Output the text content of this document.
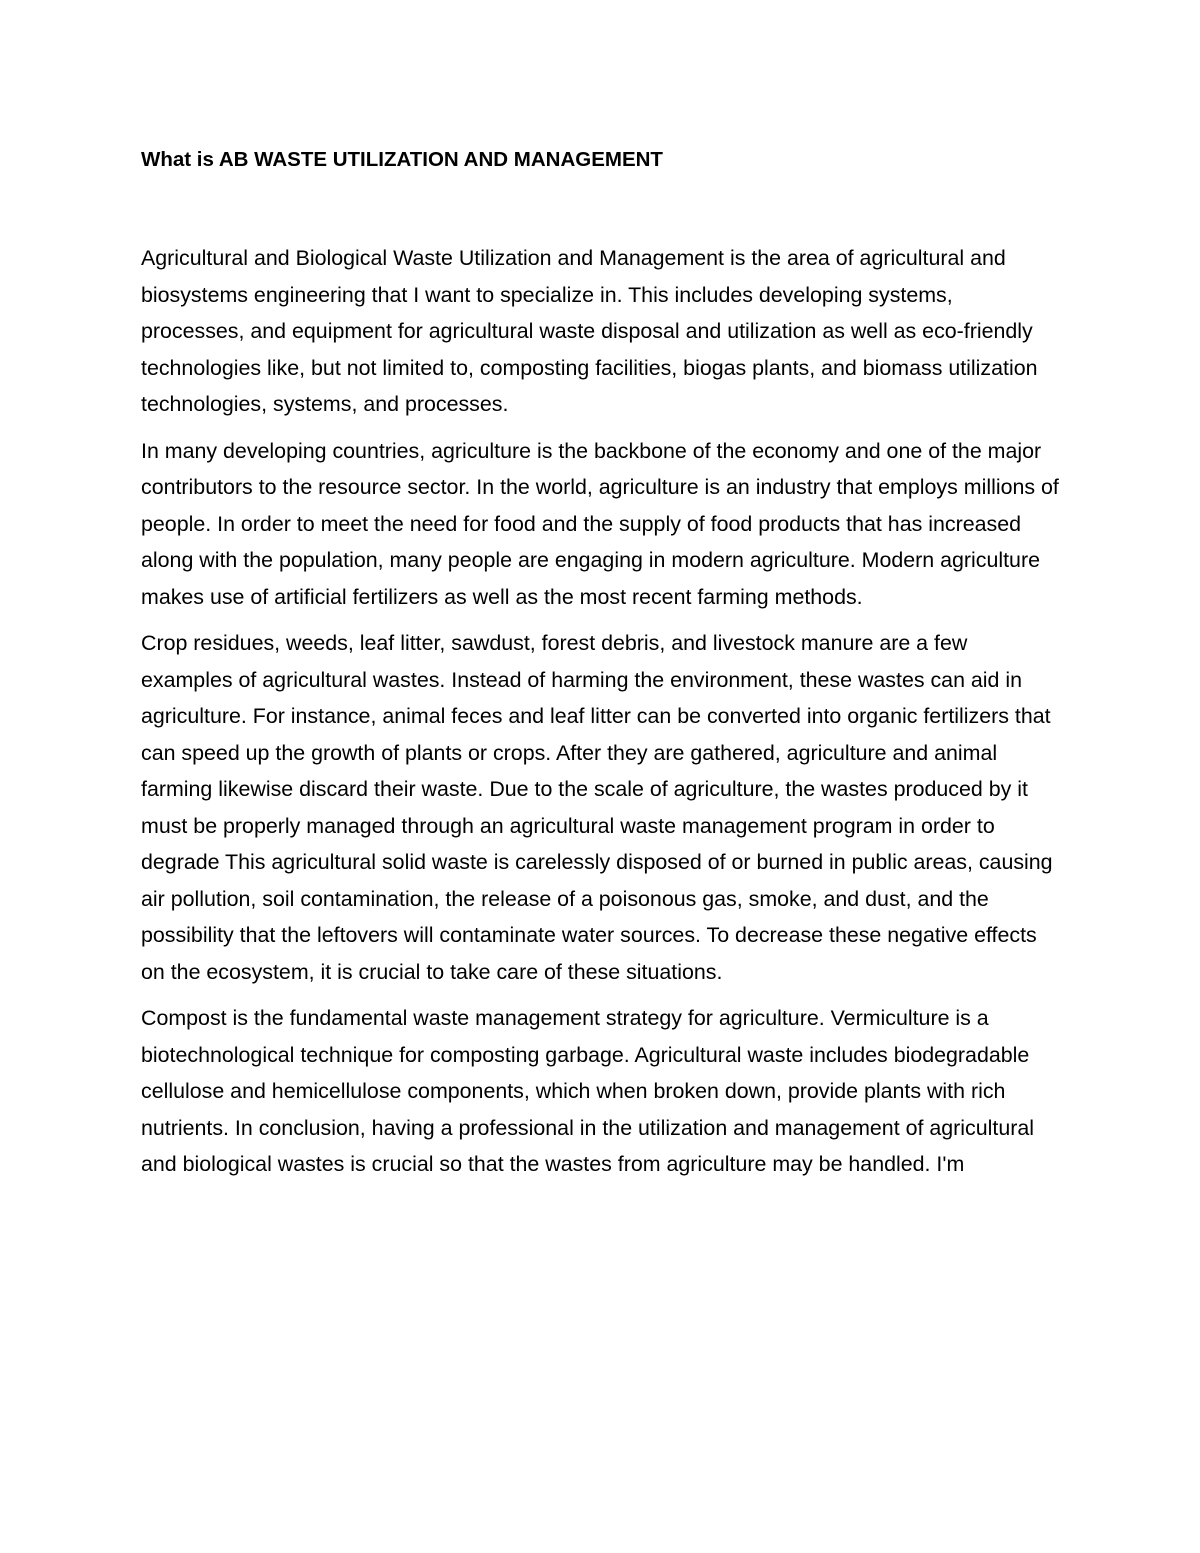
What is AB WASTE UTILIZATION AND MANAGEMENT

Agricultural and Biological Waste Utilization and Management is the area of agricultural and biosystems engineering that I want to specialize in. This includes developing systems, processes, and equipment for agricultural waste disposal and utilization as well as eco-friendly technologies like, but not limited to, composting facilities, biogas plants, and biomass utilization technologies, systems, and processes.

In many developing countries, agriculture is the backbone of the economy and one of the major contributors to the resource sector. In the world, agriculture is an industry that employs millions of people. In order to meet the need for food and the supply of food products that has increased along with the population, many people are engaging in modern agriculture. Modern agriculture makes use of artificial fertilizers as well as the most recent farming methods.

Crop residues, weeds, leaf litter, sawdust, forest debris, and livestock manure are a few examples of agricultural wastes. Instead of harming the environment, these wastes can aid in agriculture. For instance, animal feces and leaf litter can be converted into organic fertilizers that can speed up the growth of plants or crops. After they are gathered, agriculture and animal farming likewise discard their waste. Due to the scale of agriculture, the wastes produced by it must be properly managed through an agricultural waste management program in order to degrade This agricultural solid waste is carelessly disposed of or burned in public areas, causing air pollution, soil contamination, the release of a poisonous gas, smoke, and dust, and the possibility that the leftovers will contaminate water sources. To decrease these negative effects on the ecosystem, it is crucial to take care of these situations.

Compost is the fundamental waste management strategy for agriculture. Vermiculture is a biotechnological technique for composting garbage. Agricultural waste includes biodegradable cellulose and hemicellulose components, which when broken down, provide plants with rich nutrients. In conclusion, having a professional in the utilization and management of agricultural and biological wastes is crucial so that the wastes from agriculture may be handled. I'm
